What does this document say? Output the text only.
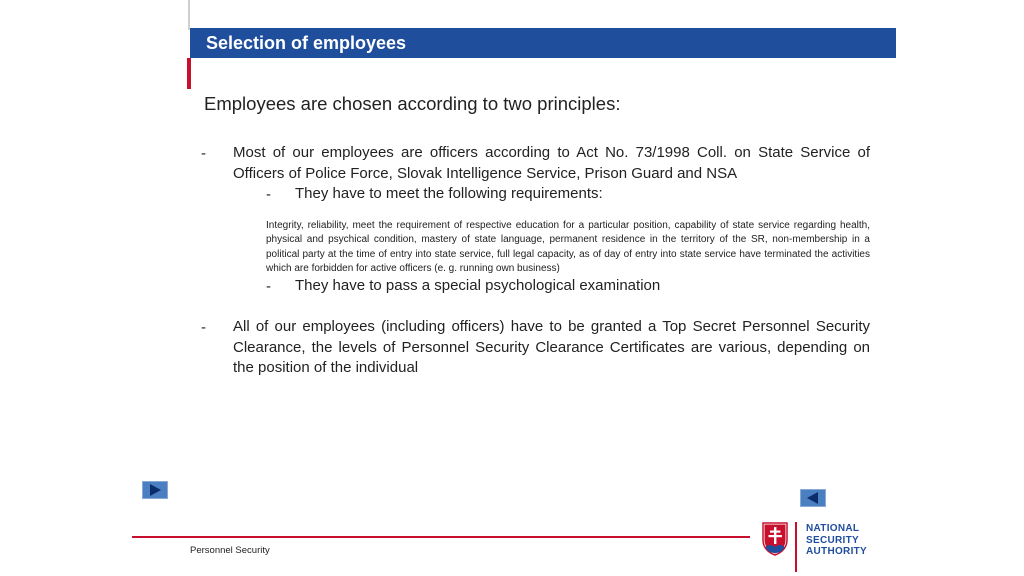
Selection of employees
Employees are chosen according to two principles:
- Most of our employees are officers according to Act No. 73/1998 Coll. on State Service of Officers of Police Force, Slovak Intelligence Service, Prison Guard and NSA
- They have to meet the following requirements:
Integrity, reliability, meet the requirement of respective education for a particular position, capability of state service regarding health, physical and psychical condition, mastery of state language, permanent residence in the territory of the SR, non-membership in a political party at the time of entry into state service, full legal capacity, as of day of entry into state service have terminated the activities which are forbidden for active officers (e. g. running own business)
- They have to pass a special psychological examination
- All of our employees (including officers) have to be granted a Top Secret Personnel Security Clearance, the levels of Personnel Security Clearance Certificates are various, depending on the position of the individual
Personnel Security
NATIONAL
SECURITY
AUTHORITY
